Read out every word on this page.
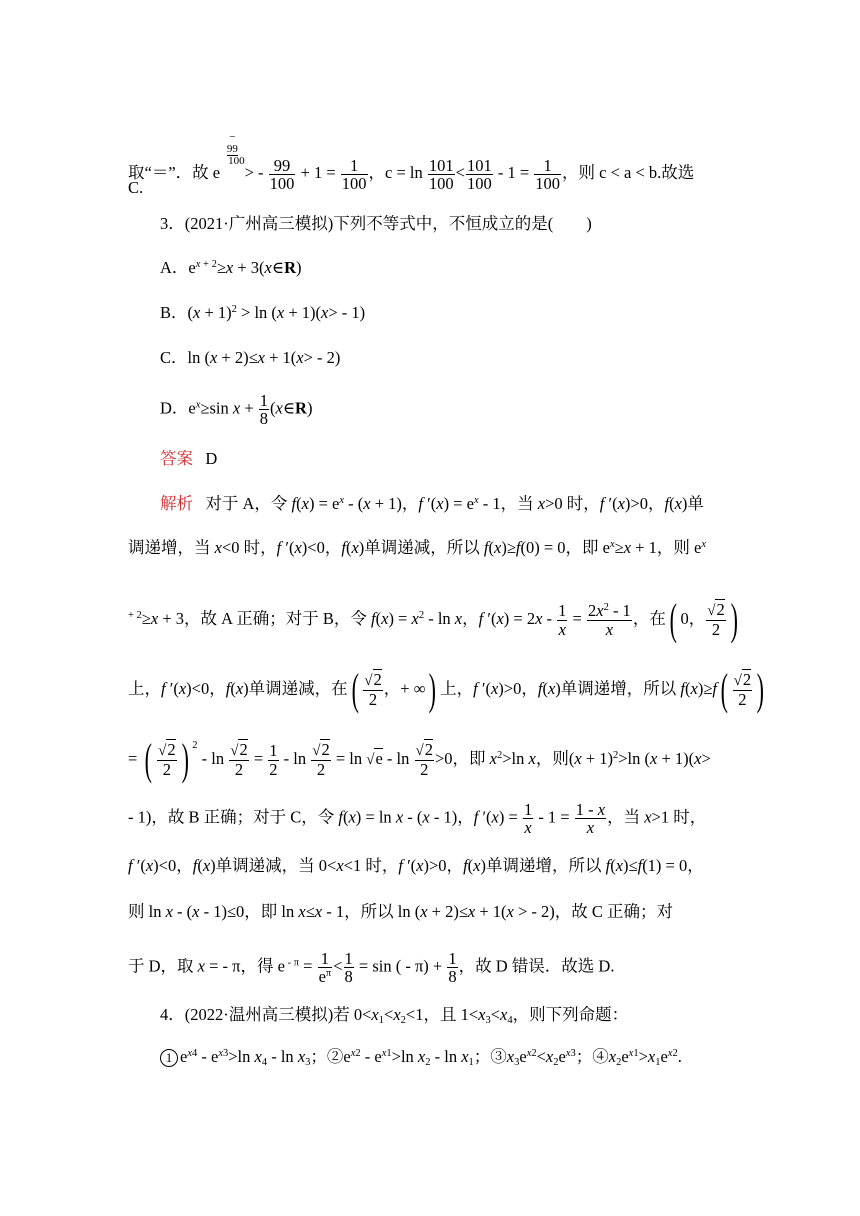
取“＝”．故 e
−
99
100
> - $\frac{99}{100} + 1 = \frac{1}{100}$ ，$c = \ln \frac{101}{100} < \frac{101}{100} - 1 = \frac{1}{100}$ ，则 c < a < b.故选
C.
3．(2021·广州高三模拟)下列不等式中，不恒成立的是(　　)
A．$e^{x + 2}\ge x$ + 3(x∈R)
B．$(x + 1)^2 > \ln (x + 1)(x> - 1)$
C．ln (x + 2)≤x + 1(x> - 2)
D．$e^x\ge\sin$ $x + \frac{1}{8}$ (x∈R)
答案 D
解析   对于 A，令 $f(x) = e^x - (x + 1)$，f $'(x) = e^x - 1$，当 x>0 时，f ′(x)>0，f(x)单
调递增，当 x<0 时，f ′(x)<0，f(x)单调递减，所以 f(x)≥f(0) = 0，即 $e^x\ge x + 1$，则 $e^x$
$^{+ 2}$≥x + 3，故 A 正确；对于 B，令 $f(x) = x^2 - \ln x$，f $'(x) = 2x - \frac{1}{x} = \frac{2x^2 - 1}{x}$ ，在( 0， $\frac{√2}{2}$ )
上，f ′(x)<0，f(x)单调递减，在( $\frac{√2}{2}$ ，+ ∞) 上，f ′(x)>0，f(x)单调递增，所以 $f(x)\ge f( \frac{√2}{2}$ )
= ( $\frac{√2}{2}$ ) $^2 - \ln \frac{√2}{2} = \frac{1}{2} - \ln \frac{√2}{2} = \ln √e - \ln \frac{√2}{2} >0$，即 $x^2>\ln$ x，则$(x + 1)^2>\ln$ (x + 1)(x>
- 1)，故 B 正确；对于 C，令 f(x) = ln x - (x - 1)，f $'(x) = \frac{1}{x} - 1 = \frac{1 - x}{x}$ ，当 x>1 时，
f ′(x)<0，f(x)单调递减，当 0<x<1 时，f ′(x)>0，f(x)单调递增，所以 f(x)≤f(1) = 0，
则 ln x - (x - 1)≤0，即 ln x≤x - 1，所以 ln (x + 2)≤x + 1(x > - 2)，故 C 正确；对
于 D，取 x = - π，得 e $^{- \pi} = \frac{1}{e^\pi} < \frac{1}{8} = \sin$ ( - $\pi) + \frac{1}{8}$ ，故 D 错误．故选 D.
4．(2022·温州高三模拟)若 $0<x_1<x_2<1$，且 $1<x_3<x_4$，则下列命题：
1 $e^{x4} - e^{x3}>\ln$ $x_4$ - $\ln x_3$；$②e^{x2} - e^{x1}>\ln$ $x_2$ - $\ln x_1$；$③x_3e^{x2}<x_2e^{x3}$；$④x_2e^{x1}>x_1e^{x2}$.
